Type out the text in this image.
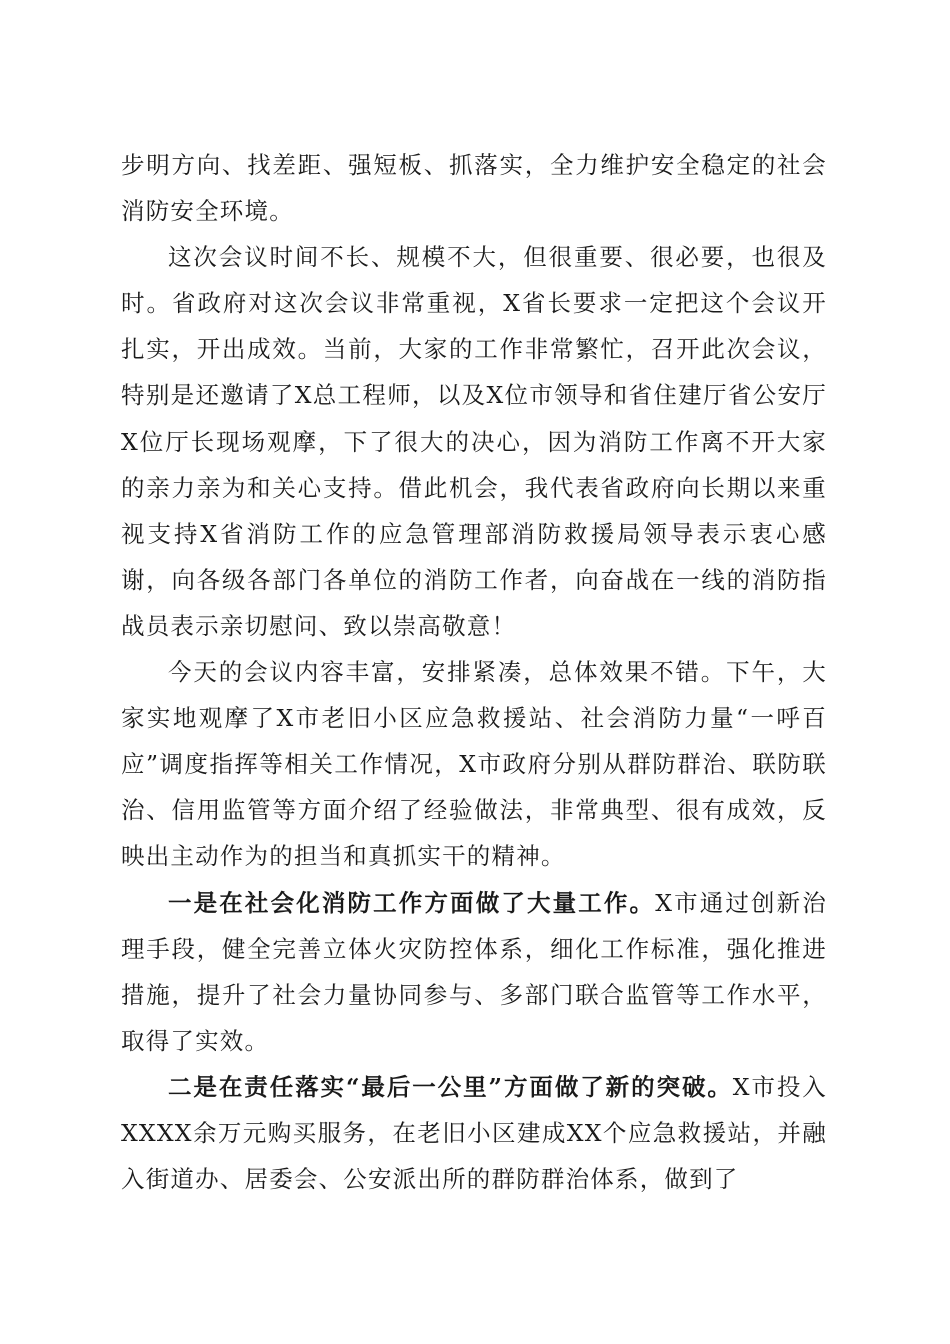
步明方向、找差距、强短板、抓落实，全力维护安全稳定的社会消防安全环境。

这次会议时间不长、规模不大，但很重要、很必要，也很及时。省政府对这次会议非常重视，X省长要求一定把这个会议开扎实，开出成效。当前，大家的工作非常繁忙，召开此次会议，特别是还邀请了X总工程师，以及X位市领导和省住建厅省公安厅X位厅长现场观摩，下了很大的决心，因为消防工作离不开大家的亲力亲为和关心支持。借此机会，我代表省政府向长期以来重视支持X省消防工作的应急管理部消防救援局领导表示衷心感谢，向各级各部门各单位的消防工作者，向奋战在一线的消防指战员表示亲切慰问、致以崇高敬意！

今天的会议内容丰富，安排紧凑，总体效果不错。下午，大家实地观摩了X市老旧小区应急救援站、社会消防力量“一呼百应”调度指挥等相关工作情况，X市政府分别从群防群治、联防联治、信用监管等方面介绍了经验做法，非常典型、很有成效，反映出主动作为的担当和真抓实干的精神。

一是在社会化消防工作方面做了大量工作。X市通过创新治理手段，健全完善立体火灾防控体系，细化工作标准，强化推进措施，提升了社会力量协同参与、多部门联合监管等工作水平，取得了实效。

二是在责任落实“最后一公里”方面做了新的突破。X市投入XXXX余万元购买服务，在老旧小区建成XX个应急救援站，并融入街道办、居委会、公安派出所的群防群治体系，做到了
